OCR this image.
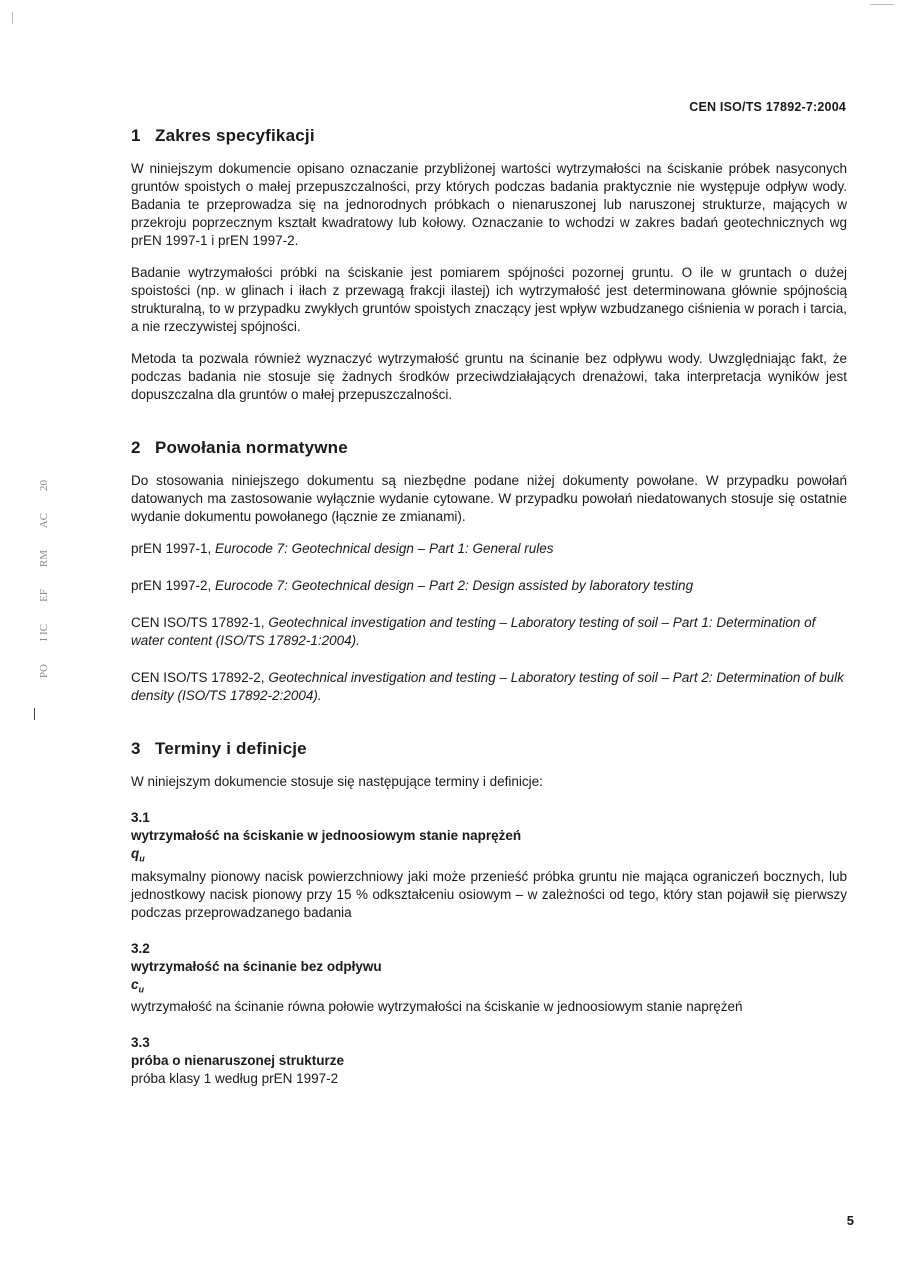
20
AC
RM
EF
I IC
PO
CEN ISO/TS 17892-7:2004
1 Zakres specyfikacji

W niniejszym dokumencie opisano oznaczanie przybliżonej wartości wytrzymałości na ściskanie próbek nasyconych gruntów spoistych o małej przepuszczalności, przy których podczas badania praktycznie nie występuje odpływ wody. Badania te przeprowadza się na jednorodnych próbkach o nienaruszonej lub naruszonej strukturze, mających w przekroju poprzecznym kształt kwadratowy lub kołowy. Oznaczanie to wchodzi w zakres badań geotechnicznych wg prEN 1997-1 i prEN 1997-2.

Badanie wytrzymałości próbki na ściskanie jest pomiarem spójności pozornej gruntu. O ile w gruntach o dużej spoistości (np. w glinach i iłach z przewagą frakcji ilastej) ich wytrzymałość jest determinowana głównie spójnością strukturalną, to w przypadku zwykłych gruntów spoistych znaczący jest wpływ wzbudzanego ciśnienia w porach i tarcia, a nie rzeczywistej spójności.

Metoda ta pozwala również wyznaczyć wytrzymałość gruntu na ścinanie bez odpływu wody. Uwzględniając fakt, że podczas badania nie stosuje się żadnych środków przeciwdziałających drenażowi, taka interpretacja wyników jest dopuszczalna dla gruntów o małej przepuszczalności.

2 Powołania normatywne

Do stosowania niniejszego dokumentu są niezbędne podane niżej dokumenty powołane. W przypadku powołań datowanych ma zastosowanie wyłącznie wydanie cytowane. W przypadku powołań niedatowanych stosuje się ostatnie wydanie dokumentu powołanego (łącznie ze zmianami).

prEN 1997-1, Eurocode 7: Geotechnical design – Part 1: General rules
prEN 1997-2, Eurocode 7: Geotechnical design – Part 2: Design assisted by laboratory testing
CEN ISO/TS 17892-1, Geotechnical investigation and testing – Laboratory testing of soil – Part 1: Determination of water content (ISO/TS 17892-1:2004).
CEN ISO/TS 17892-2, Geotechnical investigation and testing – Laboratory testing of soil – Part 2: Determination of bulk density (ISO/TS 17892-2:2004).
3 Terminy i definicje

W niniejszym dokumencie stosuje się następujące terminy i definicje:

3.1
wytrzymałość na ściskanie w jednoosiowym stanie naprężeń
$q_u$
maksymalny pionowy nacisk powierzchniowy jaki może przenieść próbka gruntu nie mająca ograniczeń bocznych, lub jednostkowy nacisk pionowy przy 15 % odkształceniu osiowym – w zależności od tego, który stan pojawił się pierwszy podczas przeprowadzanego badania
3.2
wytrzymałość na ścinanie bez odpływu
$c_u$
wytrzymałość na ścinanie równa połowie wytrzymałości na ściskanie w jednoosiowym stanie naprężeń
3.3
próba o nienaruszonej strukturze
próba klasy 1 według prEN 1997-2
5
